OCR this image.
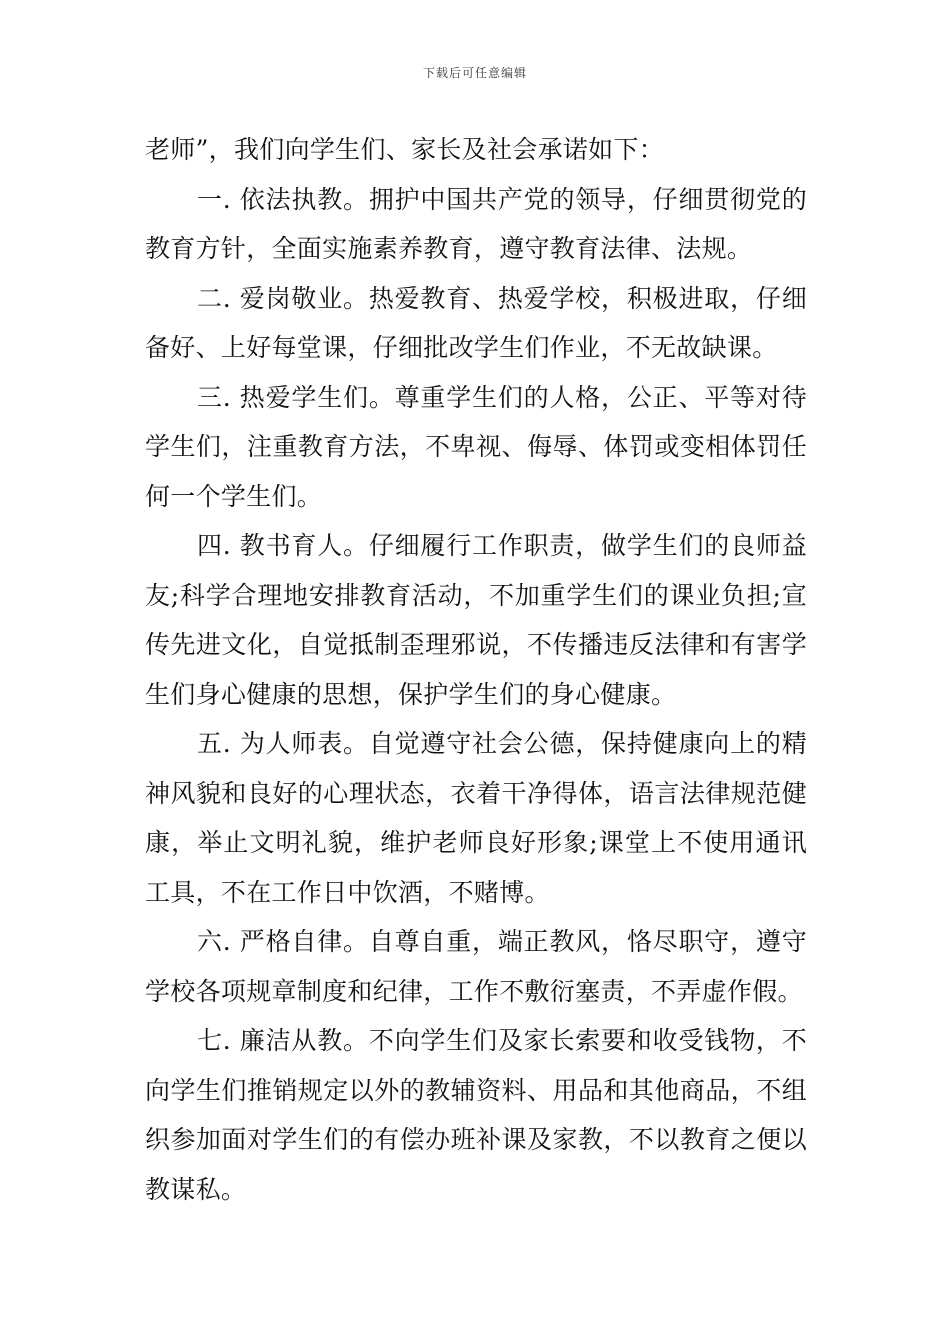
下载后可任意编辑

老师”，我们向学生们、家长及社会承诺如下：

一. 依法执教。拥护中国共产党的领导，仔细贯彻党的教育方针，全面实施素养教育，遵守教育法律、法规。

二. 爱岗敬业。热爱教育、热爱学校，积极进取，仔细备好、上好每堂课，仔细批改学生们作业，不无故缺课。

三. 热爱学生们。尊重学生们的人格，公正、平等对待学生们，注重教育方法，不卑视、侮辱、体罚或变相体罚任何一个学生们。

四. 教书育人。仔细履行工作职责，做学生们的良师益友;科学合理地安排教育活动，不加重学生们的课业负担;宣传先进文化，自觉抵制歪理邪说，不传播违反法律和有害学生们身心健康的思想，保护学生们的身心健康。

五. 为人师表。自觉遵守社会公德，保持健康向上的精神风貌和良好的心理状态，衣着干净得体，语言法律规范健康，举止文明礼貌，维护老师良好形象;课堂上不使用通讯工具，不在工作日中饮酒，不赌博。

六. 严格自律。自尊自重，端正教风，恪尽职守，遵守学校各项规章制度和纪律，工作不敷衍塞责，不弄虚作假。

七. 廉洁从教。不向学生们及家长索要和收受钱物，不向学生们推销规定以外的教辅资料、用品和其他商品，不组织参加面对学生们的有偿办班补课及家教，不以教育之便以教谋私。
